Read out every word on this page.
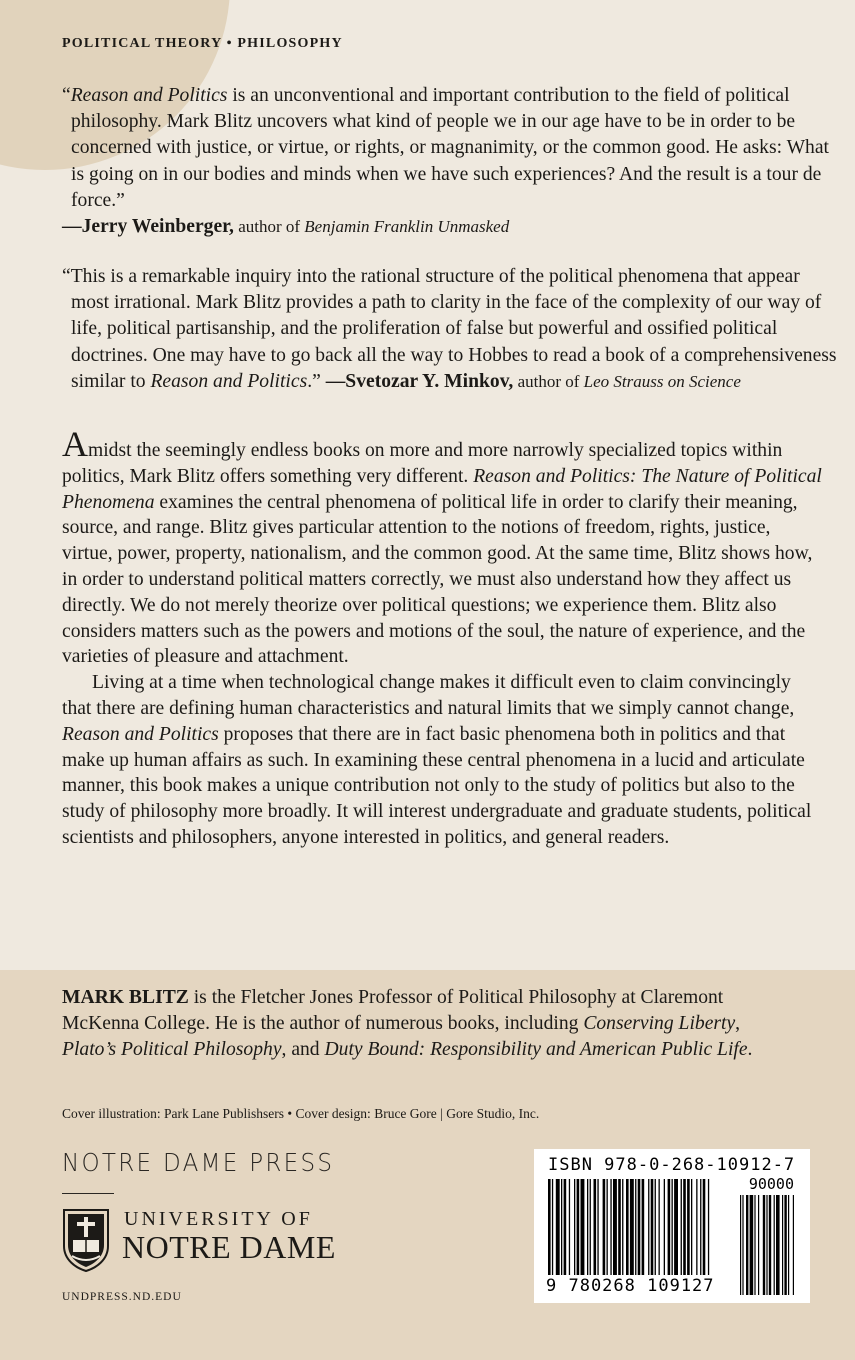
POLITICAL THEORY • PHILOSOPHY

“Reason and Politics is an unconventional and important contribution to the field of political philosophy. Mark Blitz uncovers what kind of people we in our age have to be in order to be concerned with justice, or virtue, or rights, or magnanimity, or the common good. He asks: What is going on in our bodies and minds when we have such experiences? And the result is a tour de force.”

—Jerry Weinberger, author of Benjamin Franklin Unmasked

“This is a remarkable inquiry into the rational structure of the political phenomena that appear most irrational. Mark Blitz provides a path to clarity in the face of the complexity of our way of life, political partisanship, and the proliferation of false but powerful and ossified political doctrines. One may have to go back all the way to Hobbes to read a book of a comprehensiveness similar to Reason and Politics.” —Svetozar Y. Minkov, author of Leo Strauss on Science

Amidst the seemingly endless books on more and more narrowly specialized topics within politics, Mark Blitz offers something very different. Reason and Politics: The Nature of Political Phenomena examines the central phenomena of political life in order to clarify their meaning, source, and range. Blitz gives particular attention to the notions of freedom, rights, justice, virtue, power, property, nationalism, and the common good. At the same time, Blitz shows how, in order to understand political matters correctly, we must also understand how they affect us directly. We do not merely theorize over political questions; we experience them. Blitz also considers matters such as the powers and motions of the soul, the nature of experience, and the varieties of pleasure and attachment.

Living at a time when technological change makes it difficult even to claim convincingly that there are defining human characteristics and natural limits that we simply cannot change, Reason and Politics proposes that there are in fact basic phenomena both in politics and that make up human affairs as such. In examining these central phenomena in a lucid and articulate manner, this book makes a unique contribution not only to the study of politics but also to the study of philosophy more broadly. It will interest undergraduate and graduate students, political scientists and philosophers, anyone interested in politics, and general readers.

MARK BLITZ is the Fletcher Jones Professor of Political Philosophy at Claremont McKenna College. He is the author of numerous books, including Conserving Liberty, Plato’s Political Philosophy, and Duty Bound: Responsibility and American Public Life.
Cover illustration: Park Lane Publishsers • Cover design: Bruce Gore | Gore Studio, Inc.
NOTRE DAME PRESS
UNIVERSITY OF
NOTRE DAME
UNDPRESS.ND.EDU
ISBN 978-0-268-10912-7
90000
9 780268 109127
